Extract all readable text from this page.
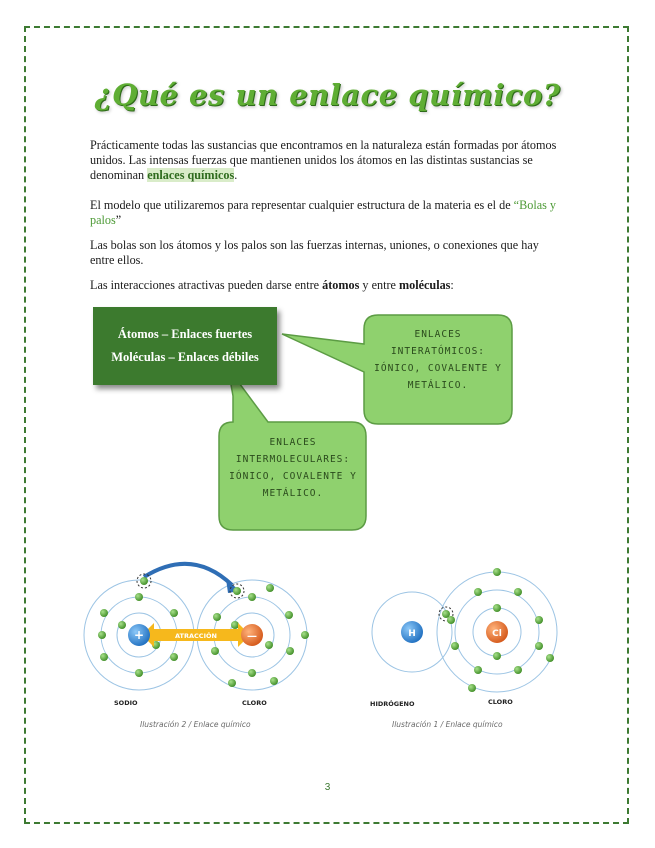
¿Qué es un enlace químico?
Prácticamente todas las sustancias que encontramos en la naturaleza están formadas por átomos unidos. Las intensas fuerzas que mantienen unidos los átomos en las distintas sustancias se denominan enlaces químicos.
El modelo que utilizaremos para representar cualquier estructura de la materia es el de “Bolas y palos”
Las bolas son los átomos y los palos son las fuerzas internas, uniones, o conexiones que hay entre ellos.
Las interacciones atractivas pueden darse entre átomos y entre moléculas:
Átomos – Enlaces fuertes
Moléculas – Enlaces débiles
ENLACES
INTERATÓMICOS:
IÓNICO, COVALENTE Y
METÁLICO.
ENLACES
INTERMOLECULARES:
IÓNICO, COVALENTE Y
METÁLICO.
ATRACCIÓN
+	—
SODIO	CLORO
Ilustración 2 / Enlace químico
H	Cl
HIDRÓGENO	CLORO
Ilustración 1 / Enlace químico
3
